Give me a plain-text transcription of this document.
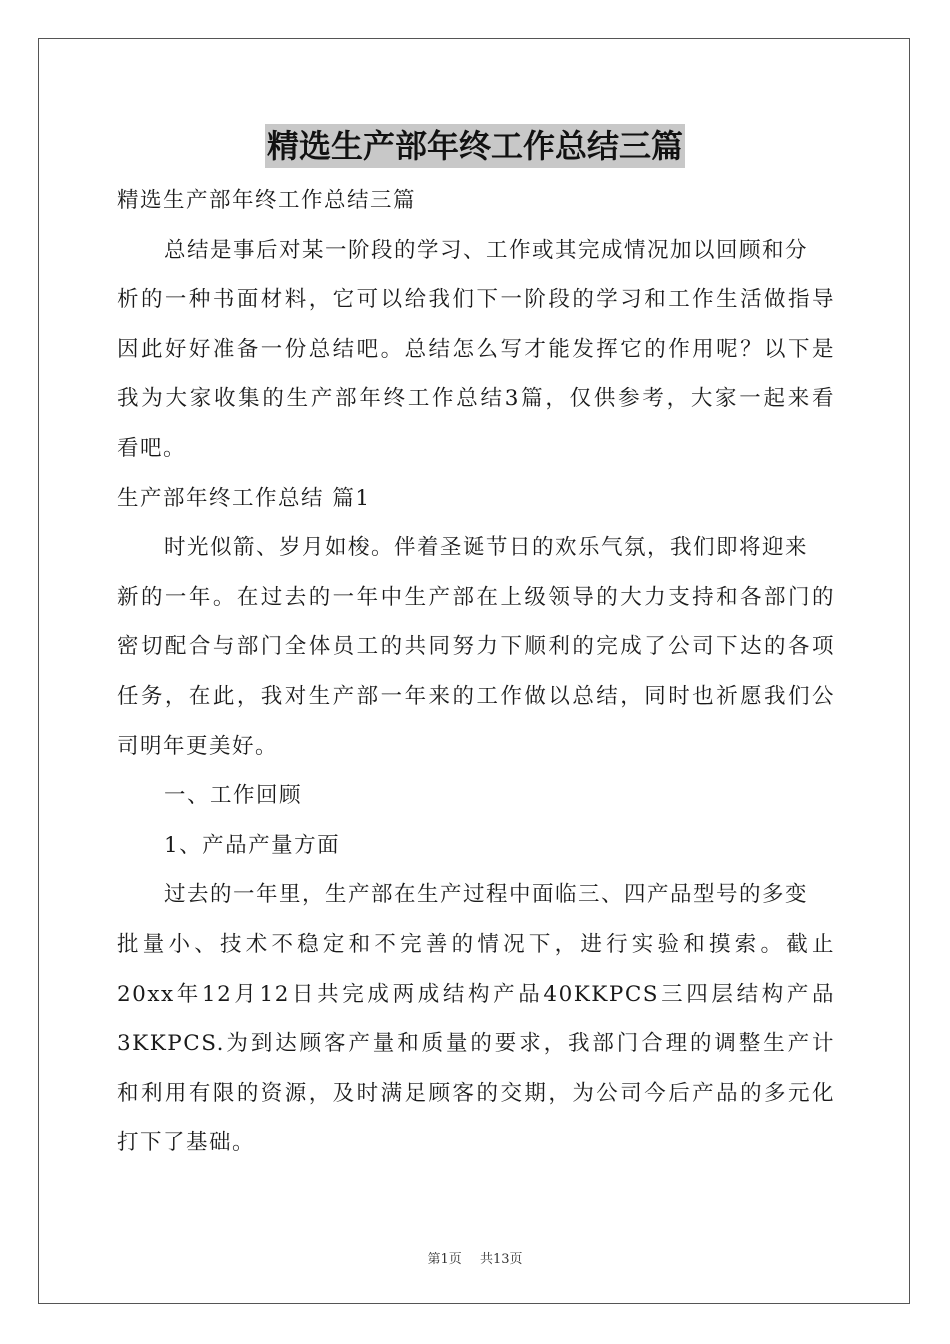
精选生产部年终工作总结三篇
精选生产部年终工作总结三篇
总结是事后对某一阶段的学习、工作或其完成情况加以回顾和分
析的一种书面材料，它可以给我们下一阶段的学习和工作生活做指导
因此好好准备一份总结吧。总结怎么写才能发挥它的作用呢？以下是
我为大家收集的生产部年终工作总结3篇，仅供参考，大家一起来看
看吧。
生产部年终工作总结 篇1
时光似箭、岁月如梭。伴着圣诞节日的欢乐气氛，我们即将迎来
新的一年。在过去的一年中生产部在上级领导的大力支持和各部门的
密切配合与部门全体员工的共同努力下顺利的完成了公司下达的各项
任务，在此，我对生产部一年来的工作做以总结，同时也祈愿我们公
司明年更美好。
一、工作回顾
1、产品产量方面
过去的一年里，生产部在生产过程中面临三、四产品型号的多变
批量小、技术不稳定和不完善的情况下，进行实验和摸索。截止
20xx年12月12日共完成两成结构产品40KKPCS三四层结构产品
3KKPCS.为到达顾客产量和质量的要求，我部门合理的调整生产计
和利用有限的资源，及时满足顾客的交期，为公司今后产品的多元化
打下了基础。
第1页 共13页
